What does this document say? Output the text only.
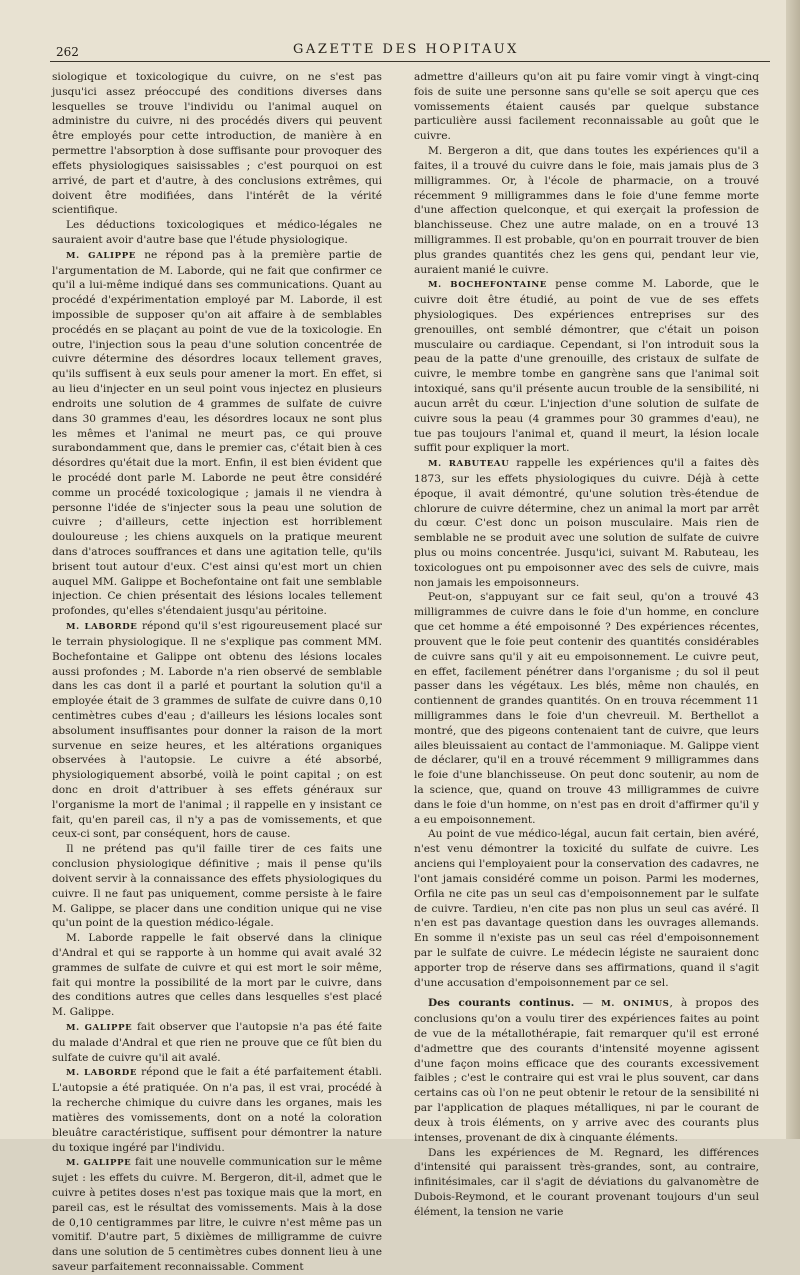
262	GAZETTE DES HOPITAUX

siologique et toxicologique du cuivre, on ne s'est pas jusqu'ici assez préoccupé des conditions diverses dans lesquelles se trouve l'individu ou l'animal auquel on administre du cuivre, ni des procédés divers qui peuvent être employés pour cette introduction, de manière à en permettre l'absorption à dose suffisante pour provoquer des effets physiologiques saisissables ; c'est pourquoi on est arrivé, de part et d'autre, à des conclusions extrêmes, qui doivent être modifiées, dans l'intérêt de la vérité scientifique.

Les déductions toxicologiques et médico-légales ne sauraient avoir d'autre base que l'étude physiologique.

M. GALIPPE ne répond pas à la première partie de l'argumentation de M. Laborde, qui ne fait que confirmer ce qu'il a lui-même indiqué dans ses communications. Quant au procédé d'expérimentation employé par M. Laborde, il est impossible de supposer qu'on ait affaire à de semblables procédés en se plaçant au point de vue de la toxicologie. En outre, l'injection sous la peau d'une solution concentrée de cuivre détermine des désordres locaux tellement graves, qu'ils suffisent à eux seuls pour amener la mort. En effet, si au lieu d'injecter en un seul point vous injectez en plusieurs endroits une solution de 4 grammes de sulfate de cuivre dans 30 grammes d'eau, les désordres locaux ne sont plus les mêmes et l'animal ne meurt pas, ce qui prouve surabondamment que, dans le premier cas, c'était bien à ces désordres qu'était due la mort. Enfin, il est bien évident que le procédé dont parle M. Laborde ne peut être considéré comme un procédé toxicologique ; jamais il ne viendra à personne l'idée de s'injecter sous la peau une solution de cuivre ; d'ailleurs, cette injection est horriblement douloureuse ; les chiens auxquels on la pratique meurent dans d'atroces souffrances et dans une agitation telle, qu'ils brisent tout autour d'eux. C'est ainsi qu'est mort un chien auquel MM. Galippe et Bochefontaine ont fait une semblable injection. Ce chien présentait des lésions locales tellement profondes, qu'elles s'étendaient jusqu'au péritoine.

M. LABORDE répond qu'il s'est rigoureusement placé sur le terrain physiologique. Il ne s'explique pas comment MM. Bochefontaine et Galippe ont obtenu des lésions locales aussi profondes ; M. Laborde n'a rien observé de semblable dans les cas dont il a parlé et pourtant la solution qu'il a employée était de 3 grammes de sulfate de cuivre dans 0,10 centimètres cubes d'eau ; d'ailleurs les lésions locales sont absolument insuffisantes pour donner la raison de la mort survenue en seize heures, et les altérations organiques observées à l'autopsie. Le cuivre a été absorbé, physiologiquement absorbé, voilà le point capital ; on est donc en droit d'attribuer à ses effets généraux sur l'organisme la mort de l'animal ; il rappelle en y insistant ce fait, qu'en pareil cas, il n'y a pas de vomissements, et que ceux-ci sont, par conséquent, hors de cause.

Il ne prétend pas qu'il faille tirer de ces faits une conclusion physiologique définitive ; mais il pense qu'ils doivent servir à la connaissance des effets physiologiques du cuivre. Il ne faut pas uniquement, comme persiste à le faire M. Galippe, se placer dans une condition unique qui ne vise qu'un point de la question médico-légale.

M. Laborde rappelle le fait observé dans la clinique d'Andral et qui se rapporte à un homme qui avait avalé 32 grammes de sulfate de cuivre et qui est mort le soir même, fait qui montre la possibilité de la mort par le cuivre, dans des conditions autres que celles dans lesquelles s'est placé M. Galippe.

M. GALIPPE fait observer que l'autopsie n'a pas été faite du malade d'Andral et que rien ne prouve que ce fût bien du sulfate de cuivre qu'il ait avalé.

M. LABORDE répond que le fait a été parfaitement établi. L'autopsie a été pratiquée. On n'a pas, il est vrai, procédé à la recherche chimique du cuivre dans les organes, mais les matières des vomissements, dont on a noté la coloration bleuâtre caractéristique, suffisent pour démontrer la nature du toxique ingéré par l'individu.

M. GALIPPE fait une nouvelle communication sur le même sujet : les effets du cuivre. M. Bergeron, dit-il, admet que le cuivre à petites doses n'est pas toxique mais que la mort, en pareil cas, est le résultat des vomissements. Mais à la dose de 0,10 centigrammes par litre, le cuivre n'est même pas un vomitif. D'autre part, 5 dixièmes de milligramme de cuivre dans une solution de 5 centimètres cubes donnent lieu à une saveur parfaitement reconnaissable. Comment

admettre d'ailleurs qu'on ait pu faire vomir vingt à vingt-cinq fois de suite une personne sans qu'elle se soit aperçu que ces vomissements étaient causés par quelque substance particulière aussi facilement reconnaissable au goût que le cuivre.

M. Bergeron a dit, que dans toutes les expériences qu'il a faites, il a trouvé du cuivre dans le foie, mais jamais plus de 3 milligrammes. Or, à l'école de pharmacie, on a trouvé récemment 9 milligrammes dans le foie d'une femme morte d'une affection quelconque, et qui exerçait la profession de blanchisseuse. Chez une autre malade, on en a trouvé 13 milligrammes. Il est probable, qu'on en pourrait trouver de bien plus grandes quantités chez les gens qui, pendant leur vie, auraient manié le cuivre.

M. BOCHEFONTAINE pense comme M. Laborde, que le cuivre doit être étudié, au point de vue de ses effets physiologiques. Des expériences entreprises sur des grenouilles, ont semblé démontrer, que c'était un poison musculaire ou cardiaque. Cependant, si l'on introduit sous la peau de la patte d'une grenouille, des cristaux de sulfate de cuivre, le membre tombe en gangrène sans que l'animal soit intoxiqué, sans qu'il présente aucun trouble de la sensibilité, ni aucun arrêt du cœur. L'injection d'une solution de sulfate de cuivre sous la peau (4 grammes pour 30 grammes d'eau), ne tue pas toujours l'animal et, quand il meurt, la lésion locale suffit pour expliquer la mort.

M. RABUTEAU rappelle les expériences qu'il a faites dès 1873, sur les effets physiologiques du cuivre. Déjà à cette époque, il avait démontré, qu'une solution très-étendue de chlorure de cuivre détermine, chez un animal la mort par arrêt du cœur. C'est donc un poison musculaire. Mais rien de semblable ne se produit avec une solution de sulfate de cuivre plus ou moins concentrée. Jusqu'ici, suivant M. Rabuteau, les toxicologues ont pu empoisonner avec des sels de cuivre, mais non jamais les empoisonneurs.

Peut-on, s'appuyant sur ce fait seul, qu'on a trouvé 43 milligrammes de cuivre dans le foie d'un homme, en conclure que cet homme a été empoisonné ? Des expériences récentes, prouvent que le foie peut contenir des quantités considérables de cuivre sans qu'il y ait eu empoisonnement. Le cuivre peut, en effet, facilement pénétrer dans l'organisme ; du sol il peut passer dans les végétaux. Les blés, même non chaulés, en contiennent de grandes quantités. On en trouva récemment 11 milligrammes dans le foie d'un chevreuil. M. Berthellot a montré, que des pigeons contenaient tant de cuivre, que leurs ailes bleuissaient au contact de l'ammoniaque. M. Galippe vient de déclarer, qu'il en a trouvé récemment 9 milligrammes dans le foie d'une blanchisseuse. On peut donc soutenir, au nom de la science, que, quand on trouve 43 milligrammes de cuivre dans le foie d'un homme, on n'est pas en droit d'affirmer qu'il y a eu empoisonnement.

Au point de vue médico-légal, aucun fait certain, bien avéré, n'est venu démontrer la toxicité du sulfate de cuivre. Les anciens qui l'employaient pour la conservation des cadavres, ne l'ont jamais considéré comme un poison. Parmi les modernes, Orfila ne cite pas un seul cas d'empoisonnement par le sulfate de cuivre. Tardieu, n'en cite pas non plus un seul cas avéré. Il n'en est pas davantage question dans les ouvrages allemands. En somme il n'existe pas un seul cas réel d'empoisonnement par le sulfate de cuivre. Le médecin légiste ne sauraient donc apporter trop de réserve dans ses affirmations, quand il s'agit d'une accusation d'empoisonnement par ce sel.

Des courants continus. — M. ONIMUS, à propos des conclusions qu'on a voulu tirer des expériences faites au point de vue de la métallothérapie, fait remarquer qu'il est erroné d'admettre que des courants d'intensité moyenne agissent d'une façon moins efficace que des courants excessivement faibles ; c'est le contraire qui est vrai le plus souvent, car dans certains cas où l'on ne peut obtenir le retour de la sensibilité ni par l'application de plaques métalliques, ni par le courant de deux à trois éléments, on y arrive avec des courants plus intenses, provenant de dix à cinquante éléments.

Dans les expériences de M. Regnard, les différences d'intensité qui paraissent très-grandes, sont, au contraire, infinitésimales, car il s'agit de déviations du galvanomètre de Dubois-Reymond, et le courant provenant toujours d'un seul élément, la tension ne varie
